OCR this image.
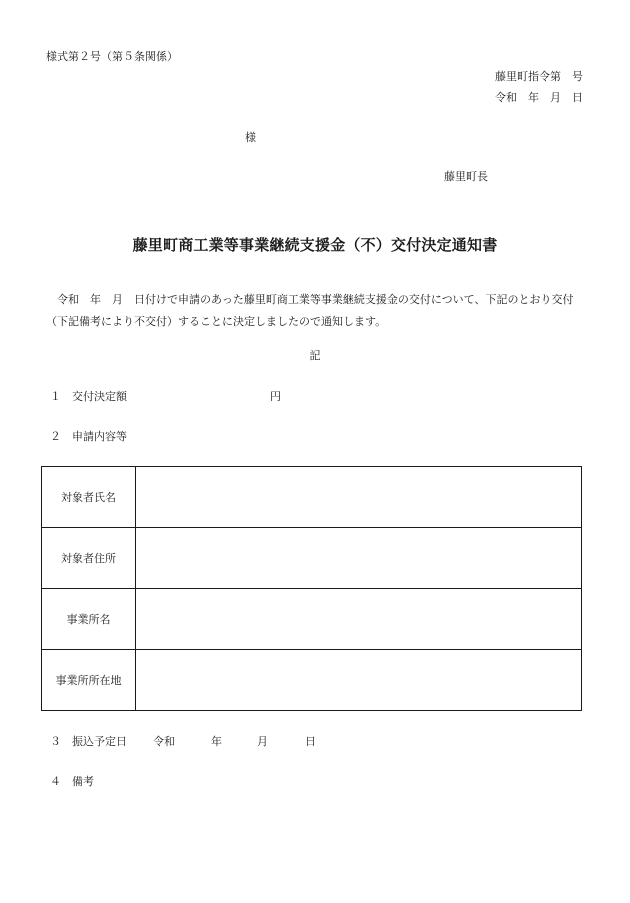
様式第２号（第５条関係）
藤里町指令第　号
令和　年　月　日
様
藤里町長
藤里町商工業等事業継続支援金（不）交付決定通知書
　令和　年　月　日付けで申請のあった藤里町商工業等事業継続支援金の交付について、下記のとおり交付（下記備考により不交付）することに決定しましたので通知します。
記
１　交付決定額	円
２　申請内容等
対象者氏名	
対象者住所	
事業所名	
事業所所在地	
３　振込予定日 令和	年	月	日
４　備考
